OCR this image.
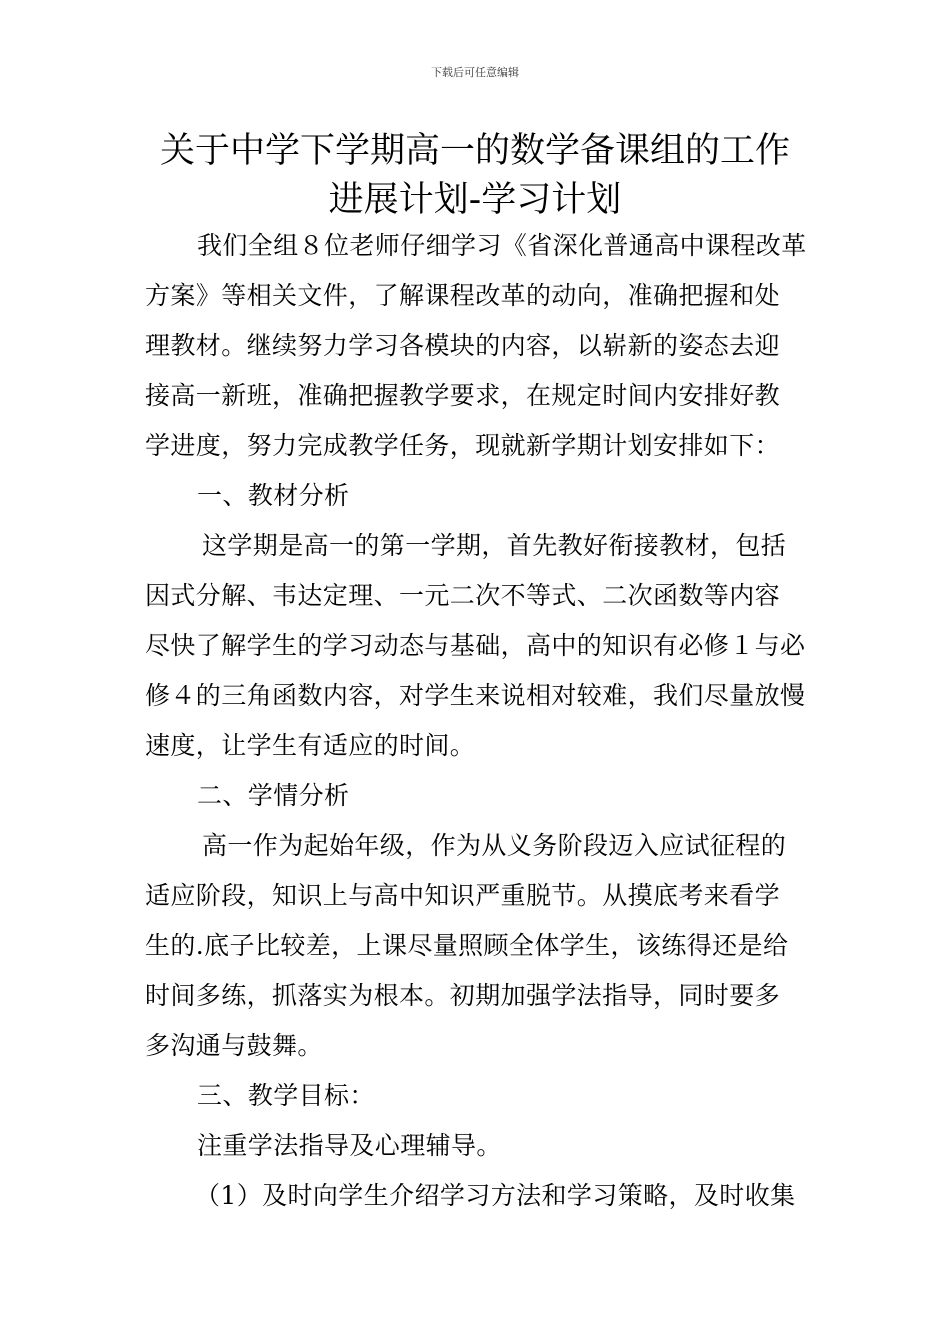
下载后可任意编辑
关于中学下学期高一的数学备课组的工作
进展计划-学习计划
我们全组８位老师仔细学习《省深化普通高中课程改革
方案》等相关文件，了解课程改革的动向，准确把握和处
理教材。继续努力学习各模块的内容，以崭新的姿态去迎
接高一新班，准确把握教学要求，在规定时间内安排好教
学进度，努力完成教学任务，现就新学期计划安排如下：
一、教材分析
这学期是高一的第一学期，首先教好衔接教材，包括
因式分解、韦达定理、一元二次不等式、二次函数等内容
尽快了解学生的学习动态与基础，高中的知识有必修１与必
修４的三角函数内容，对学生来说相对较难，我们尽量放慢
速度，让学生有适应的时间。
二、学情分析
高一作为起始年级，作为从义务阶段迈入应试征程的
适应阶段，知识上与高中知识严重脱节。从摸底考来看学
生的.底子比较差，上课尽量照顾全体学生，该练得还是给
时间多练，抓落实为根本。初期加强学法指导，同时要多
多沟通与鼓舞。
三、教学目标：
注重学法指导及心理辅导。
（1）及时向学生介绍学习方法和学习策略，及时收集
